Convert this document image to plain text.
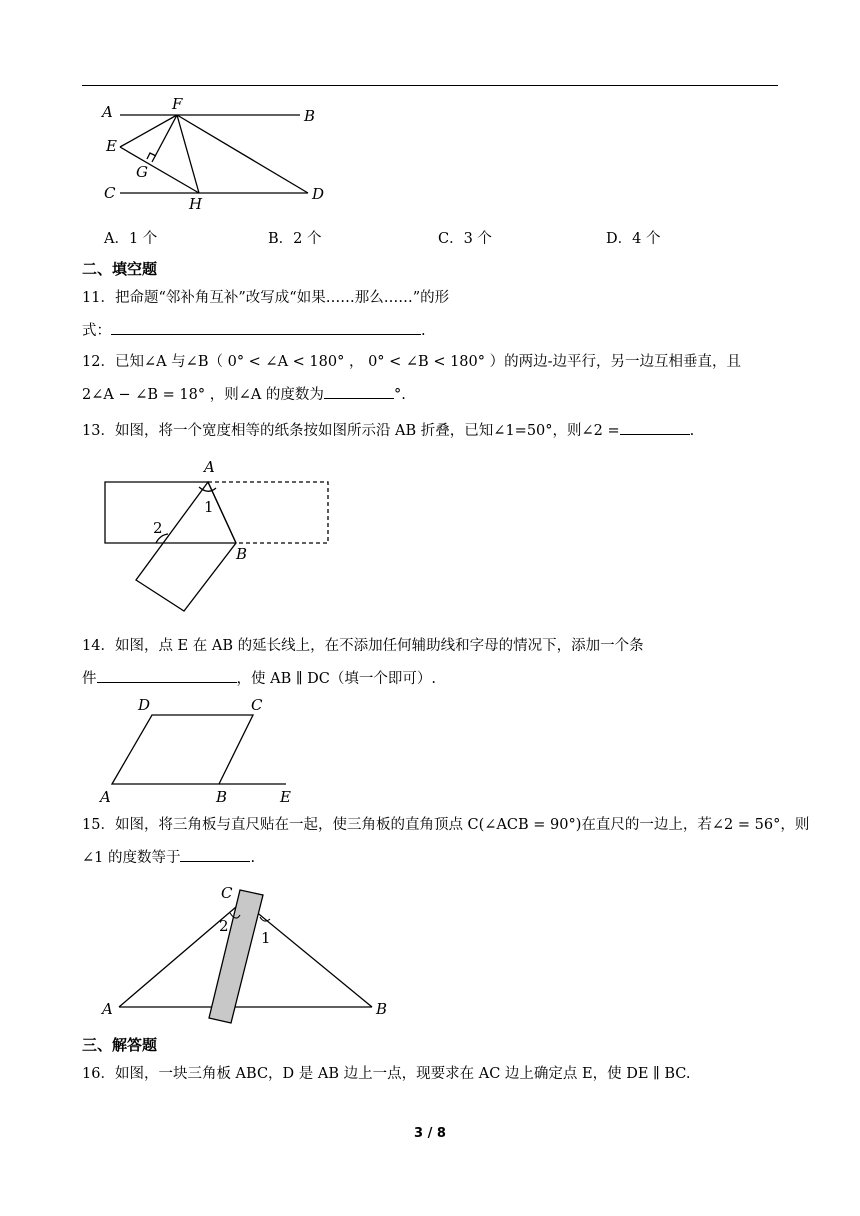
A	F
B
E
G
C
H
D
A．1 个	B．2 个	C．3 个	D．4 个
二、填空题
11．把命题“邻补角互补”改写成“如果……那么……”的形
式：	.
12．已知∠A 与∠B（ 0° < ∠A < 180° ， 0° < ∠B < 180° ）的两边-边平行，另一边互相垂直，且
2∠A − ∠B = 18° ，则∠A 的度数为	°.
13．如图，将一个宽度相等的纸条按如图所示沿 AB 折叠，已知∠1=50°，则∠2 =	.
A
1
2
B
14．如图，点 E 在 AB 的延长线上，在不添加任何辅助线和字母的情况下，添加一个条
件	，使 AB ∥ DC（填一个即可）.
D	C
A	B	E
15．如图，将三角板与直尺贴在一起，使三角板的直角顶点 C(∠ACB = 90°)在直尺的一边上，若∠2 = 56°，则
∠1 的度数等于	.
C
2
1
A	B
三、解答题
16．如图，一块三角板 ABC，D 是 AB 边上一点，现要求在 AC 边上确定点 E，使 DE ∥ BC.
3 / 8
